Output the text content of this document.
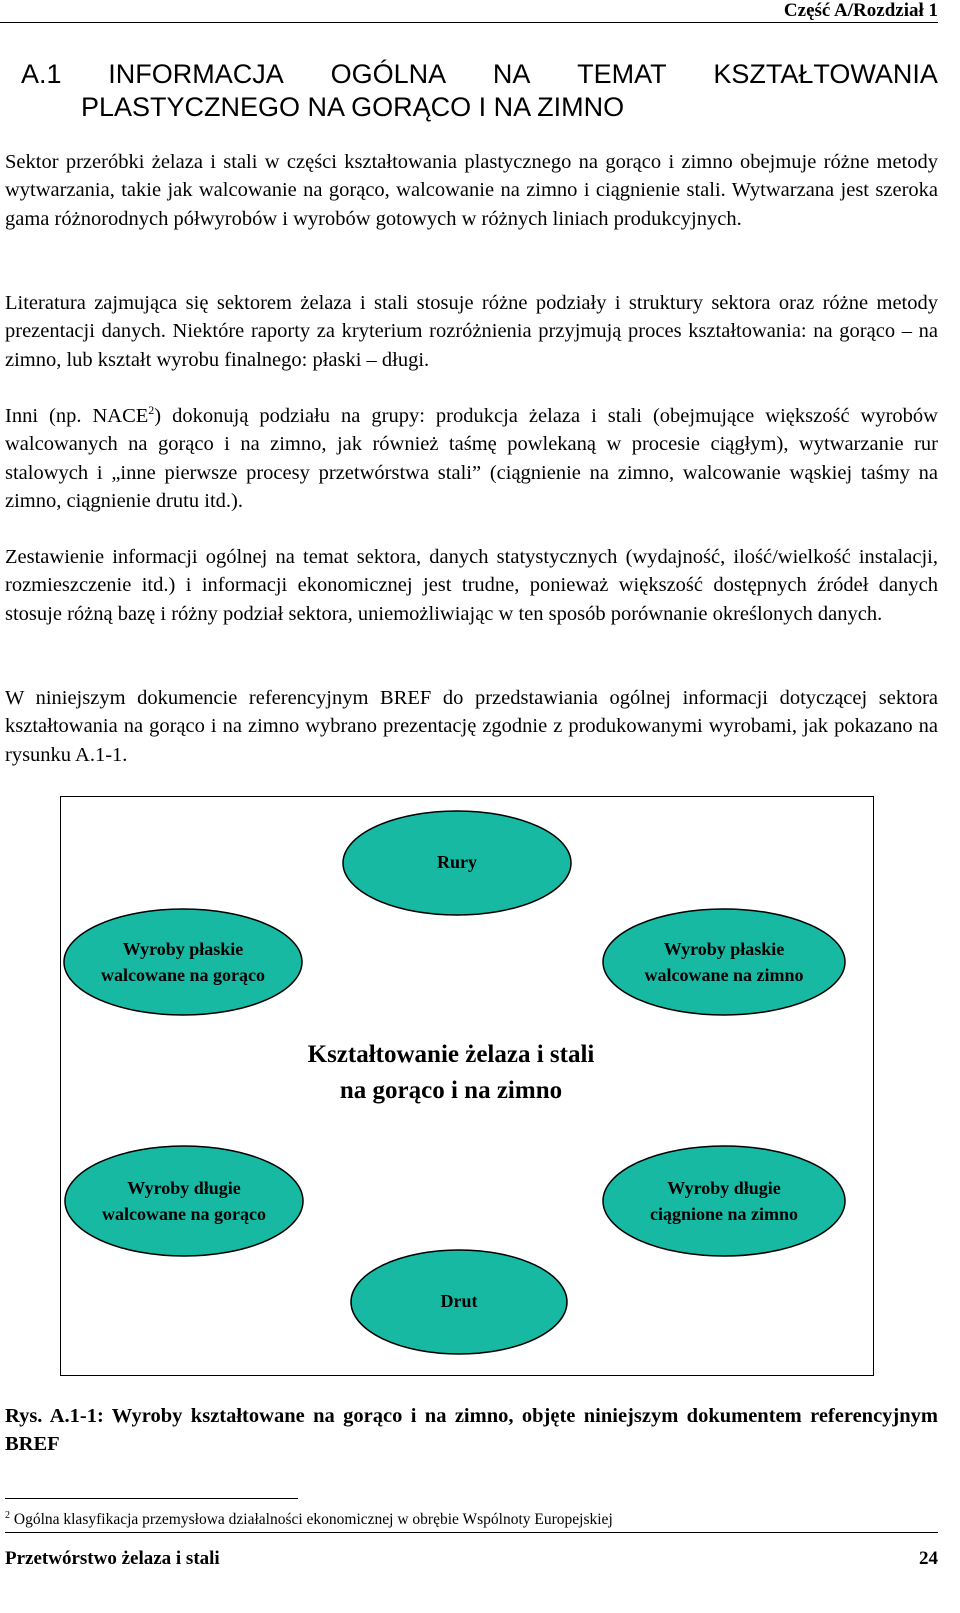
Część A/Rozdział 1
A.1 INFORMACJA OGÓLNA NA TEMAT KSZTAŁTOWANIA
PLASTYCZNEGO NA GORĄCO I NA ZIMNO

Sektor przeróbki żelaza i stali w części kształtowania plastycznego na gorąco i zimno obejmuje różne metody wytwarzania, takie jak walcowanie na gorąco, walcowanie na zimno i ciągnienie stali. Wytwarzana jest szeroka gama różnorodnych półwyrobów i wyrobów gotowych w różnych liniach produkcyjnych.

Literatura zajmująca się sektorem żelaza i stali stosuje różne podziały i struktury sektora oraz różne metody prezentacji danych. Niektóre raporty za kryterium rozróżnienia przyjmują proces kształtowania: na gorąco – na zimno, lub kształt wyrobu finalnego: płaski – długi.

Inni (np. NACE$^2$) dokonują podziału na grupy: produkcja żelaza i stali (obejmujące większość wyrobów walcowanych na gorąco i na zimno, jak również taśmę powlekaną w procesie ciągłym), wytwarzanie rur stalowych i „inne pierwsze procesy przetwórstwa stali” (ciągnienie na zimno, walcowanie wąskiej taśmy na zimno, ciągnienie drutu itd.).

Zestawienie informacji ogólnej na temat sektora, danych statystycznych (wydajność, ilość/wielkość instalacji, rozmieszczenie itd.) i informacji ekonomicznej jest trudne, ponieważ większość dostępnych źródeł danych stosuje różną bazę i różny podział sektora, uniemożliwiając w ten sposób porównanie określonych danych.

W niniejszym dokumencie referencyjnym BREF do przedstawiania ogólnej informacji dotyczącej sektora kształtowania na gorąco i na zimno wybrano prezentację zgodnie z produkowanymi wyrobami, jak pokazano na rysunku A.1-1.

Rury
Wyroby płaskie
walcowane na gorąco
Wyroby płaskie
walcowane na zimno
Wyroby długie
walcowane na gorąco
Wyroby długie
ciągnione na zimno
Drut
Kształtowanie żelaza i stali
na gorąco i na zimno

Rys. A.1-1: Wyroby kształtowane na gorąco i na zimno, objęte niniejszym dokumentem referencyjnym BREF

$^2$ Ogólna klasyfikacja przemysłowa działalności ekonomicznej w obrębie Wspólnoty Europejskiej
Przetwórstwo żelaza i stali	24
